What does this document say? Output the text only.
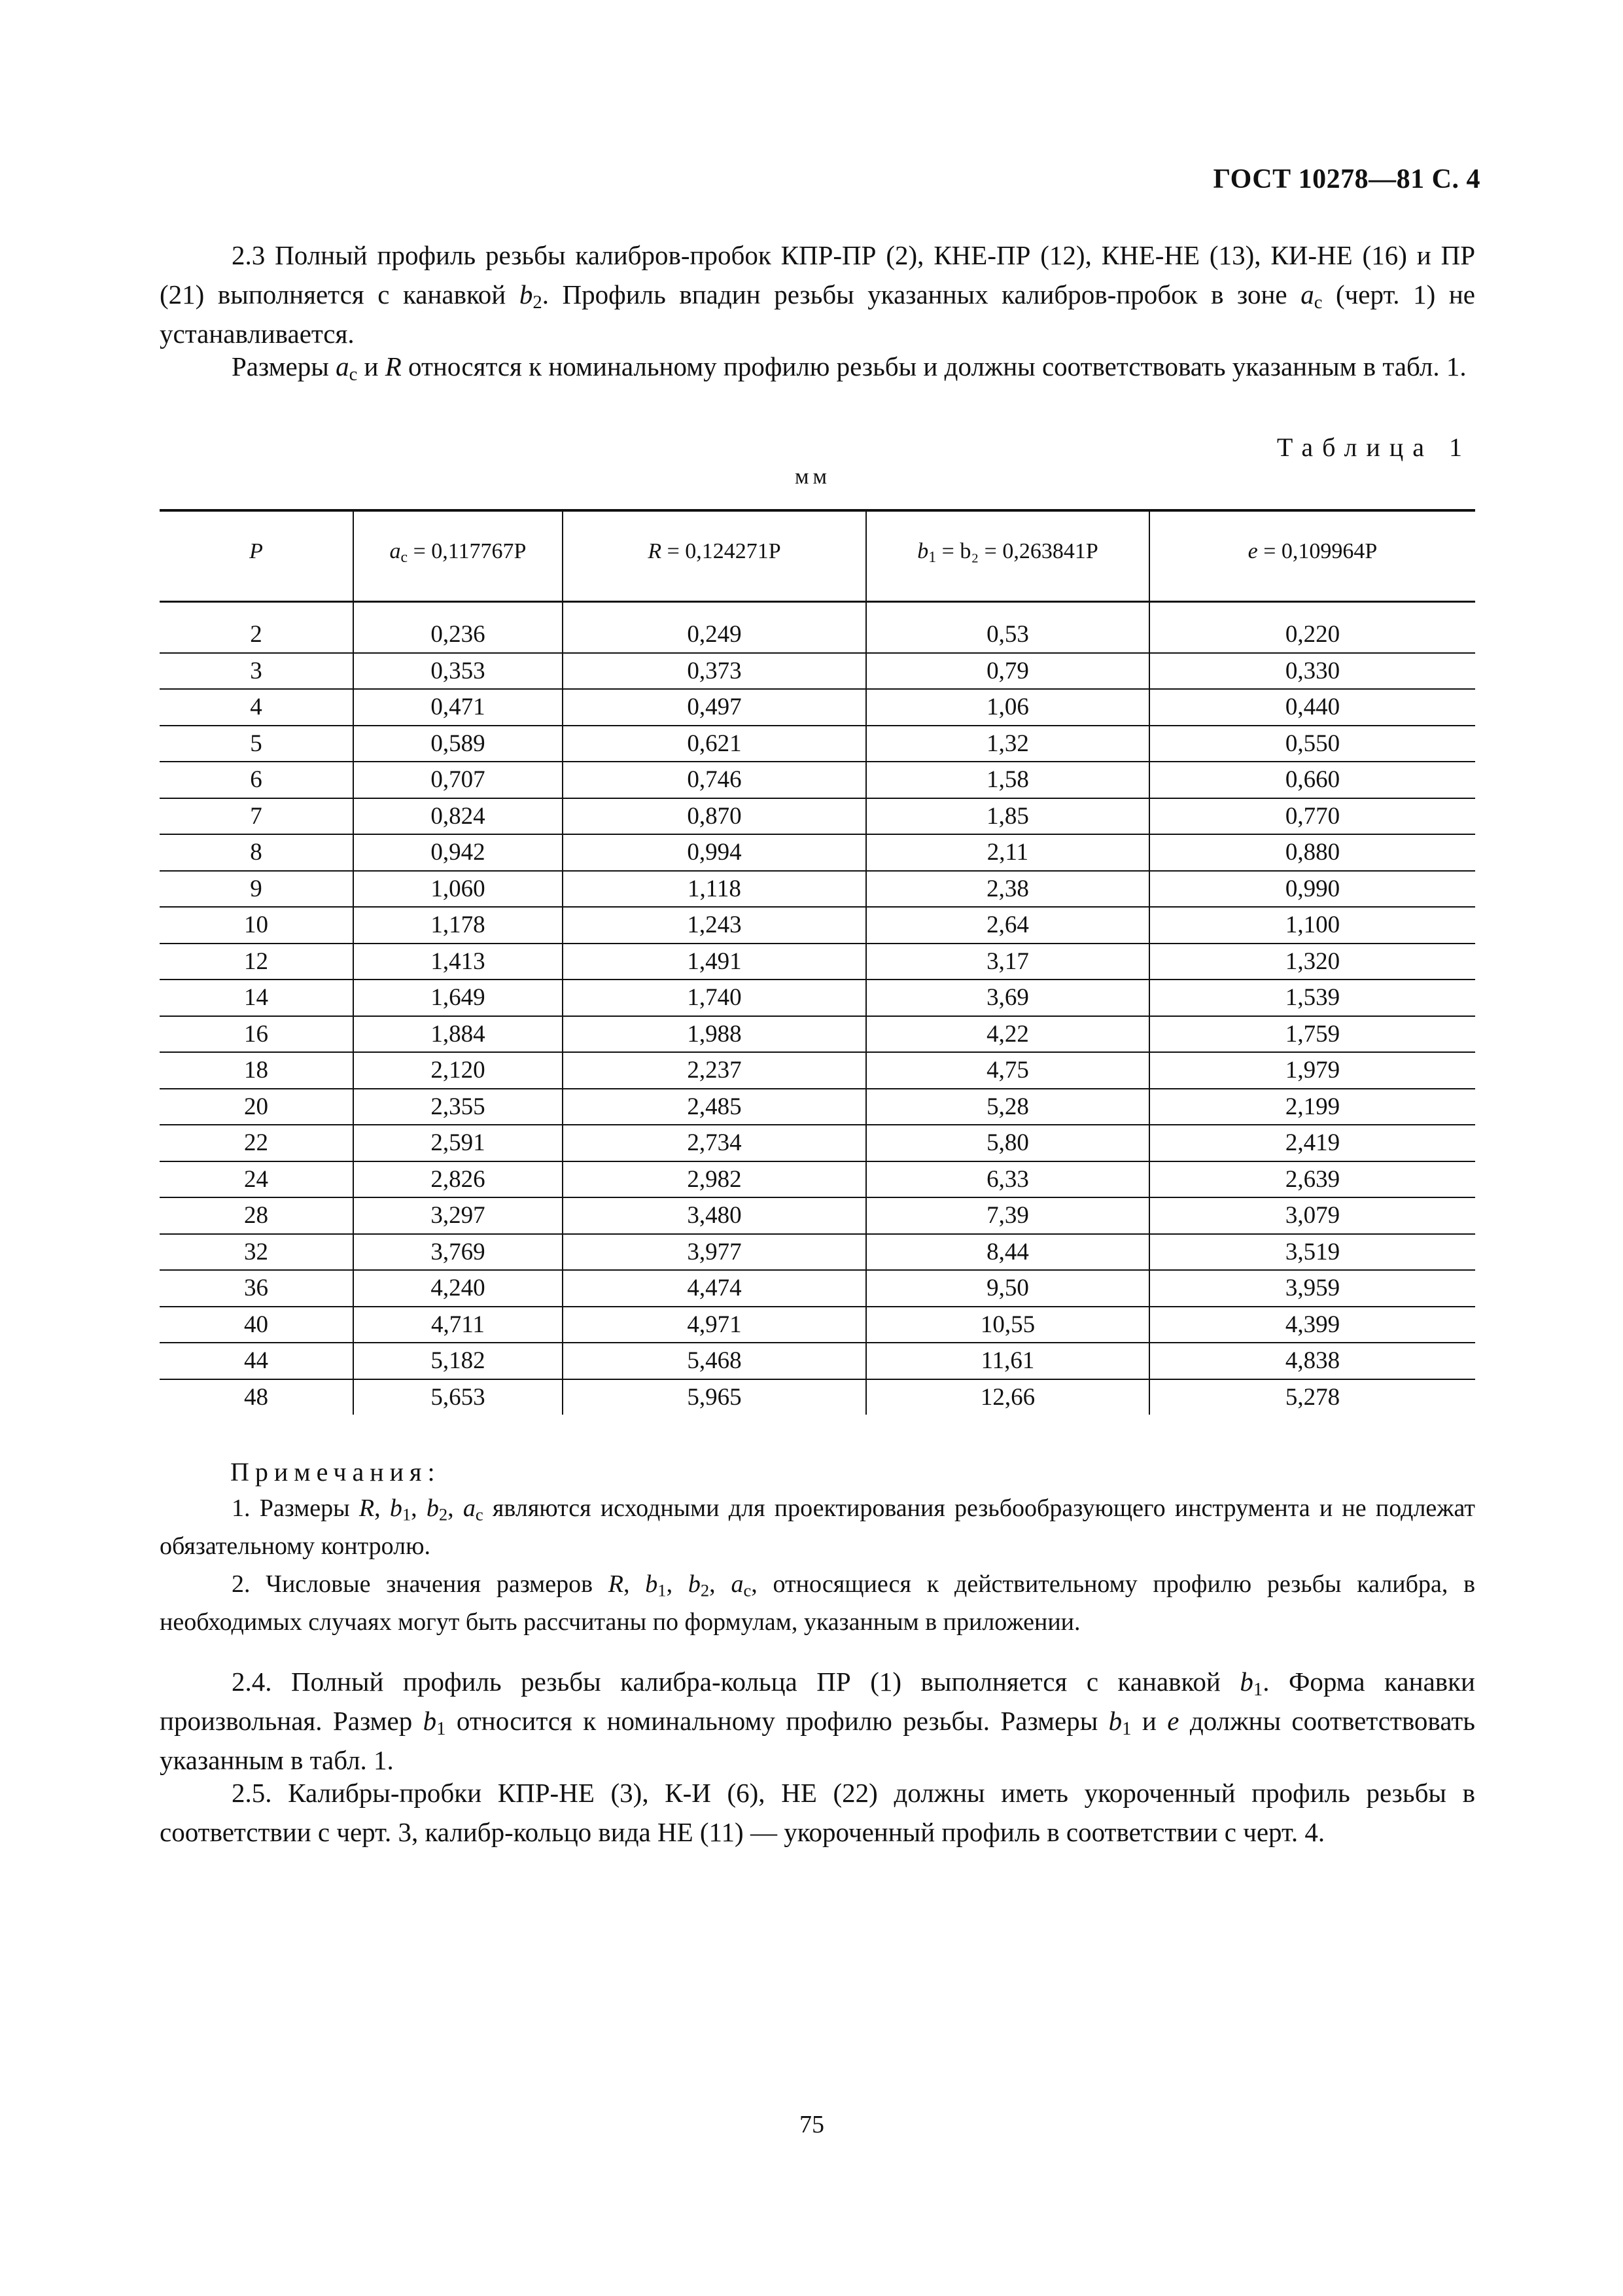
ГОСТ 10278—81 С. 4

2.3 Полный профиль резьбы калибров-пробок КПР-ПР (2), КНЕ-ПР (12), КНЕ-НЕ (13), КИ-НЕ (16) и ПР (21) выполняется с канавкой $b_2$. Профиль впадин резьбы указанных калибров-пробок в зоне $a_c$ (черт. 1) не устанавливается.

Размеры $a_c$ и R относятся к номинальному профилю резьбы и должны соответствовать указанным в табл. 1.

Таблица 1
мм
P	$a_c = 0,117767P$	R = 0,124271P	$b_1 = b_2 = 0,263841P$	e = 0,109964P

2	0,236	0,249	0,53	0,220
3	0,353	0,373	0,79	0,330
4	0,471	0,497	1,06	0,440
5	0,589	0,621	1,32	0,550
6	0,707	0,746	1,58	0,660
7	0,824	0,870	1,85	0,770
8	0,942	0,994	2,11	0,880
9	1,060	1,118	2,38	0,990
10	1,178	1,243	2,64	1,100
12	1,413	1,491	3,17	1,320
14	1,649	1,740	3,69	1,539
16	1,884	1,988	4,22	1,759
18	2,120	2,237	4,75	1,979
20	2,355	2,485	5,28	2,199
22	2,591	2,734	5,80	2,419
24	2,826	2,982	6,33	2,639
28	3,297	3,480	7,39	3,079
32	3,769	3,977	8,44	3,519
36	4,240	4,474	9,50	3,959
40	4,711	4,971	10,55	4,399
44	5,182	5,468	11,61	4,838
48	5,653	5,965	12,66	5,278
Примечания:

1. Размеры R, $b_1$, $b_2$, $a_c$ являются исходными для проектирования резьбообразующего инструмента и не подлежат обязательному контролю.

2. Числовые значения размеров R, $b_1$, $b_2$, $a_c$, относящиеся к действительному профилю резьбы калибра, в необходимых случаях могут быть рассчитаны по формулам, указанным в приложении.

2.4. Полный профиль резьбы калибра-кольца ПР (1) выполняется с канавкой $b_1$. Форма канавки произвольная. Размер $b_1$ относится к номинальному профилю резьбы. Размеры $b_1$ и e должны соответствовать указанным в табл. 1.

2.5. Калибры-пробки КПР-НЕ (3), К-И (6), НЕ (22) должны иметь укороченный профиль резьбы в соответствии с черт. 3, калибр-кольцо вида НЕ (11) — укороченный профиль в соответствии с черт. 4.

75
